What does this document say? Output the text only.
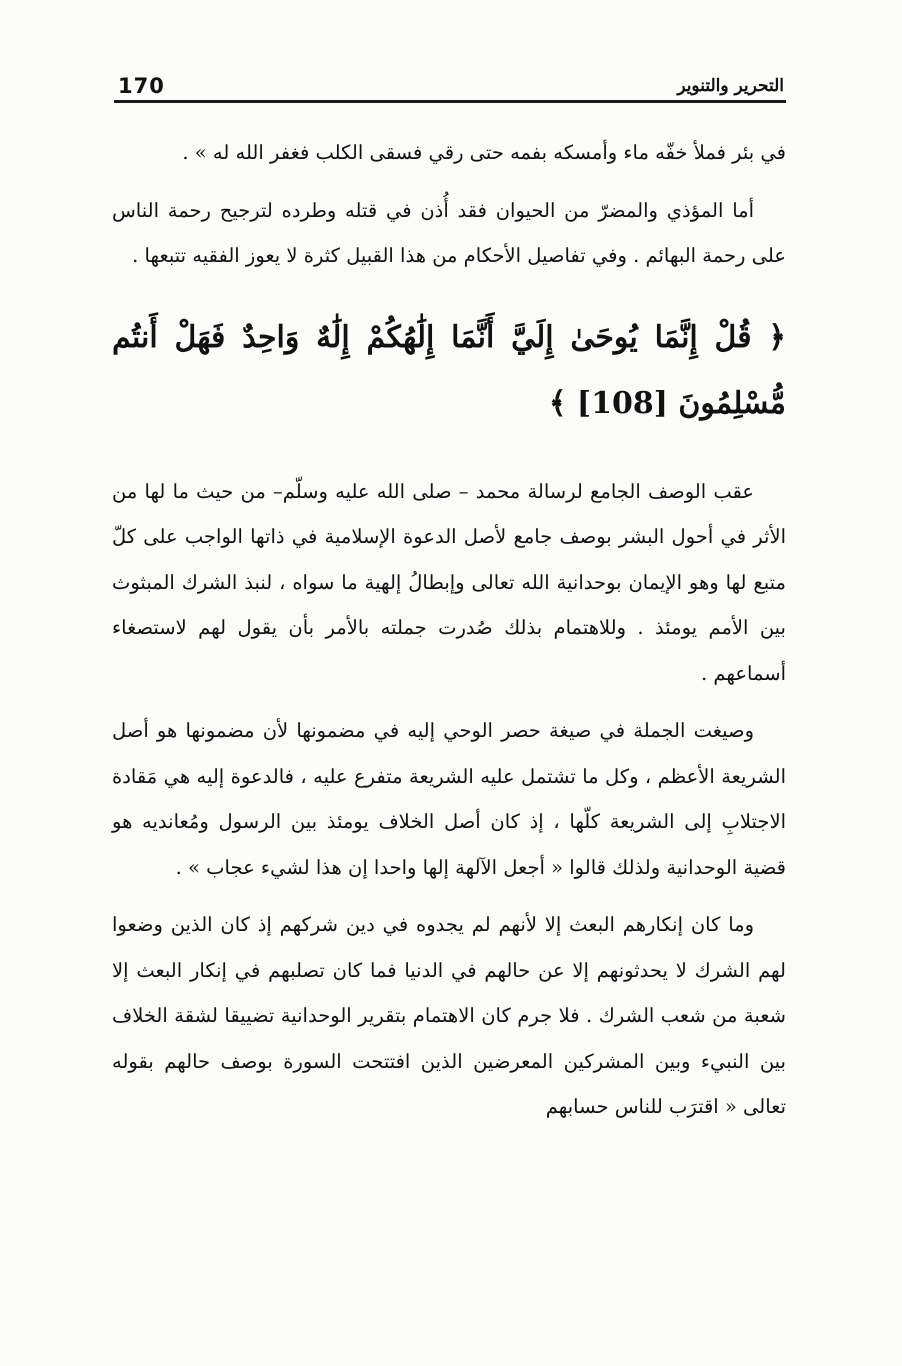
170	التحرير والتنوير

في بئر فملأ خفّه ماء وأمسكه بفمه حتى رقي فسقى الكلب فغفر الله له » .

أما المؤذي والمضرّ من الحيوان فقد أُذن في قتله وطرده لترجيح رحمة الناس على رحمة البهائم . وفي تفاصيل الأحكام من هذا القبيل كثرة لا يعوز الفقيه تتبعها .

﴿ قُلْ إِنَّمَا يُوحَىٰ إِلَيَّ أَنَّمَا إِلَٰهُكُمْ إِلَٰهٌ وَاحِدٌ فَهَلْ أَنتُم مُّسْلِمُونَ [108] ﴾

عقب الوصف الجامع لرسالة محمد – صلى الله عليه وسلّم– من حيث ما لها من الأثر في أحول البشر بوصف جامع لأصل الدعوة الإسلامية في ذاتها الواجب على كلّ متبع لها وهو الإيمان بوحدانية الله تعالى وإبطالُ إلهية ما سواه ، لنبذ الشرك المبثوث بين الأمم يومئذ . وللاهتمام بذلك صُدرت جملته بالأمر بأن يقول لهم لاستصغاء أسماعهم .

وصيغت الجملة في صيغة حصر الوحي إليه في مضمونها لأن مضمونها هو أصل الشريعة الأعظم ، وكل ما تشتمل عليه الشريعة متفرع عليه ، فالدعوة إليه هي مَقادة الاجتلابِ إلى الشريعة كلّها ، إذ كان أصل الخلاف يومئذ بين الرسول ومُعانديه هو قضية الوحدانية ولذلك قالوا « أجعل الآلهة إلها واحدا إن هذا لشيء عجاب » .

وما كان إنكارهم البعث إلا لأنهم لم يجدوه في دين شركهم إذ كان الذين وضعوا لهم الشرك لا يحدثونهم إلا عن حالهم في الدنيا فما كان تصلبهم في إنكار البعث إلا شعبة من شعب الشرك . فلا جرم كان الاهتمام بتقرير الوحدانية تضييقا لشقة الخلاف بين النبيء وبين المشركين المعرضين الذين افتتحت السورة بوصف حالهم بقوله تعالى « اقترَب للناس حسابهم
